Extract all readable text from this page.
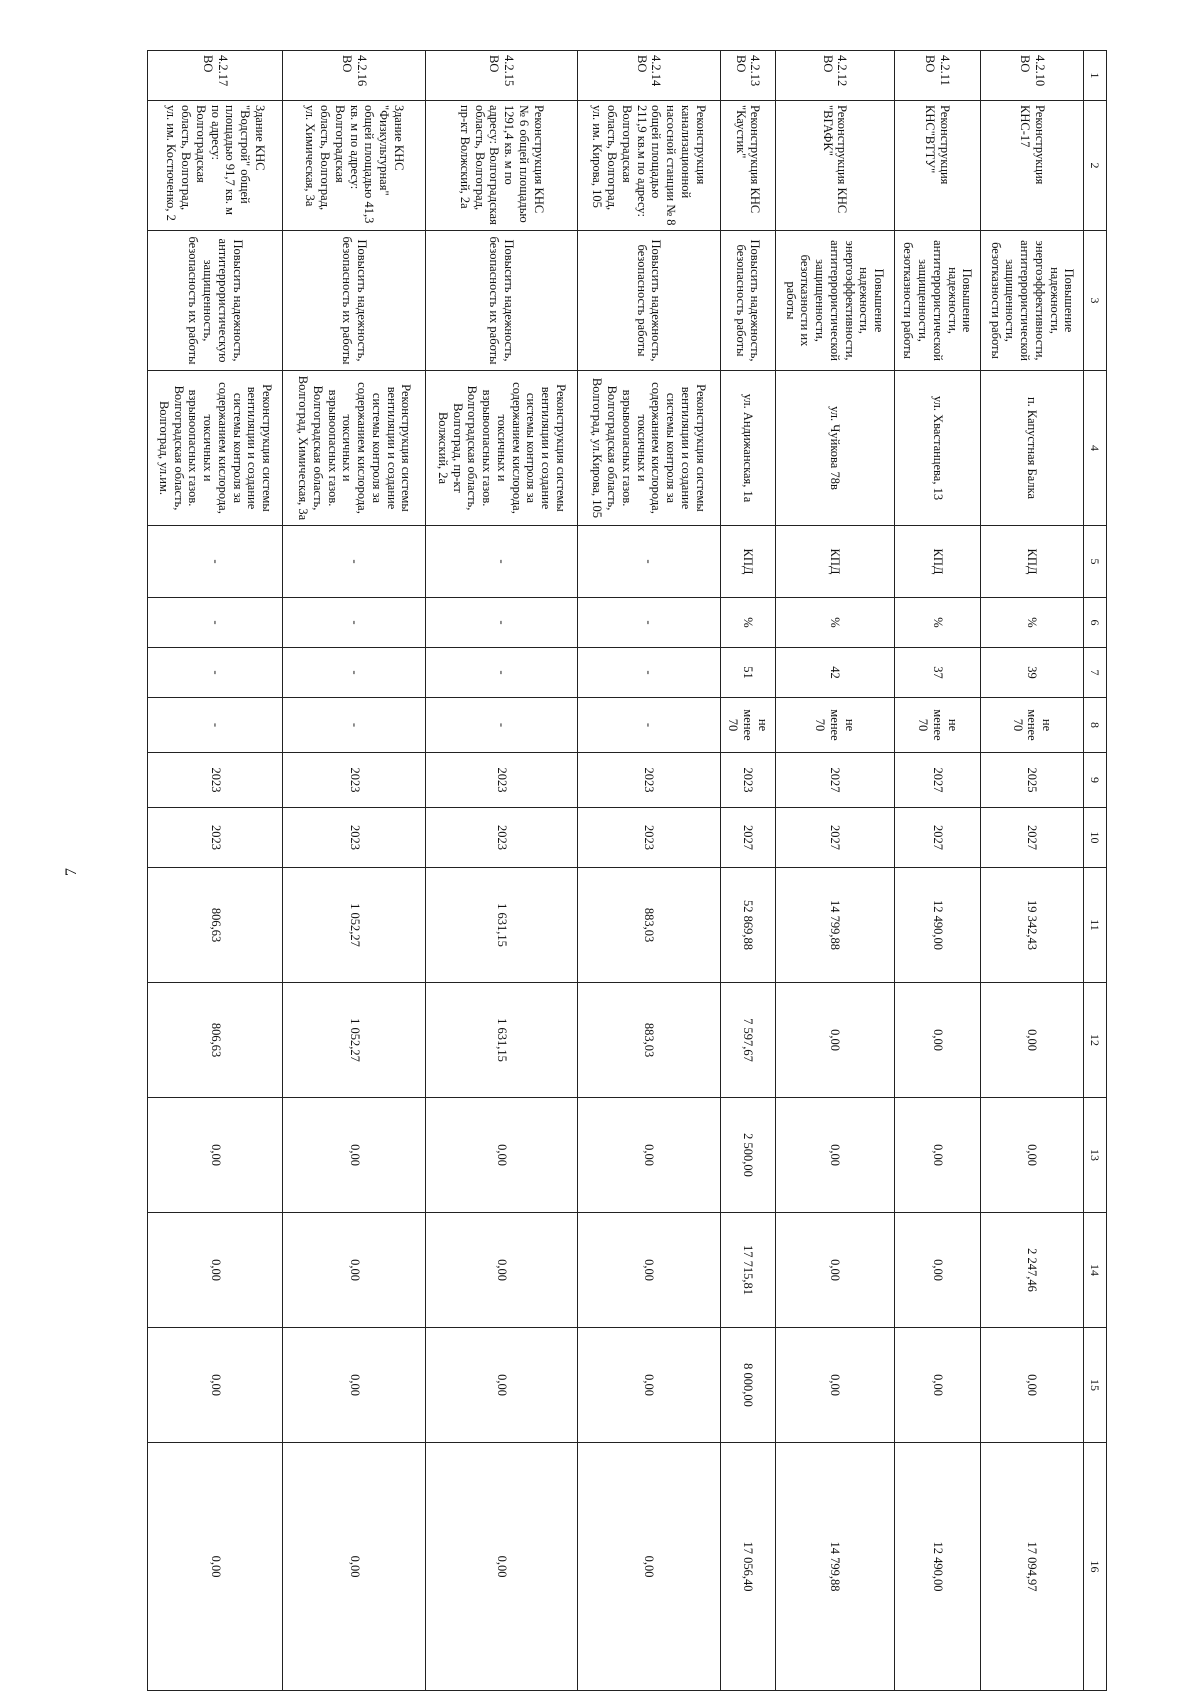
7
1	2	3	4	5	6	7	8	9	10	11	12	13	14	15	16
4.2.10 ВО	Реконструкция КНС-17	Повышение надежности, энергоэффективности, антитеррористической защищенности, безотказности работы	п. Капустная Балка	КПД	%	39	не менее 70	2025	2027	19 342,43	0,00	0,00	2 247,46	0,00	17 094,97
4.2.11 ВО	Реконструкция КНС"ВТТУ"	Повышение надежности, антитеррористической защищенности, безотказности работы	ул. Хвастанцева, 13	КПД	%	37	не менее 70	2027	2027	12 490,00	0,00	0,00	0,00	0,00	12 490,00
4.2.12 ВО	Реконструкция КНС "ВГАФК"	Повышение надежности, энергоэффективности, антитеррористической защищенности, безотказности их работы	ул. Чуйкова 78в	КПД	%	42	не менее 70	2027	2027	14 799,88	0,00	0,00	0,00	0,00	14 799,88
4.2.13 ВО	Реконструкция КНС "Каустик"	Повысить надежность, безопасность работы	ул. Андижанская, 1а	КПД	%	51	не менее 70	2023	2027	52 869,88	7 597,67	2 500,00	17 715,81	8 000,00	17 056,40
4.2.14 ВО	Реконструкция канализационной насосной станции № 8 общей площадью 211,9 кв.м по адресу: Волгоградская область, Волгоград, ул. им. Кирова, 105	Повысить надежность, безопасность работы	Реконструкция системы вентиляции и создание системы контроля за содержанием кислорода, токсичных и взрывоопасных газов. Волгоградская область, Волгоград, ул.Кирова, 105	-	-	-	-	2023	2023	883,03	883,03	0,00	0,00	0,00	0,00
4.2.15 ВО	Реконструкция КНС № 6 общей площадью 1291,4 кв. м по адресу: Волгоградская область, Волгоград, пр-кт Волжский, 2а	Повысить надежность, безопасность их работы	Реконструкция системы вентиляции и создание системы контроля за содержанием кислорода, токсичных и взрывоопасных газов. Волгоградская область, Волгоград, пр-кт Волжский, 2а	-	-	-	-	2023	2023	1 631,15	1 631,15	0,00	0,00	0,00	0,00
4.2.16 ВО	Здание КНС "Физкультурная" общей площадью 41,3 кв. м по адресу: Волгоградская область, Волгоград, ул. Химическая, 3а	Повысить надежность, безопасность их работы	Реконструкция системы вентиляции и создание системы контроля за содержанием кислорода, токсичных и взрывоопасных газов. Волгоградская область, Волгоград, Химическая, 3а	-	-	-	-	2023	2023	1 052,27	1 052,27	0,00	0,00	0,00	0,00
4.2.17 ВО	Здание КНС "Водстрой" общей площадью 91,7 кв. м по адресу: Волгоградская область, Волгоград, ул. им. Костюченко, 2	Повысить надежность, антитеррористическую защищенность, безопасность их работы	Реконструкция системы вентиляции и создание системы контроля за содержанием кислорода, токсичных и взрывоопасных газов. Волгоградская область, Волгоград, ул.им.	-	-	-	-	2023	2023	806,63	806,63	0,00	0,00	0,00	0,00
